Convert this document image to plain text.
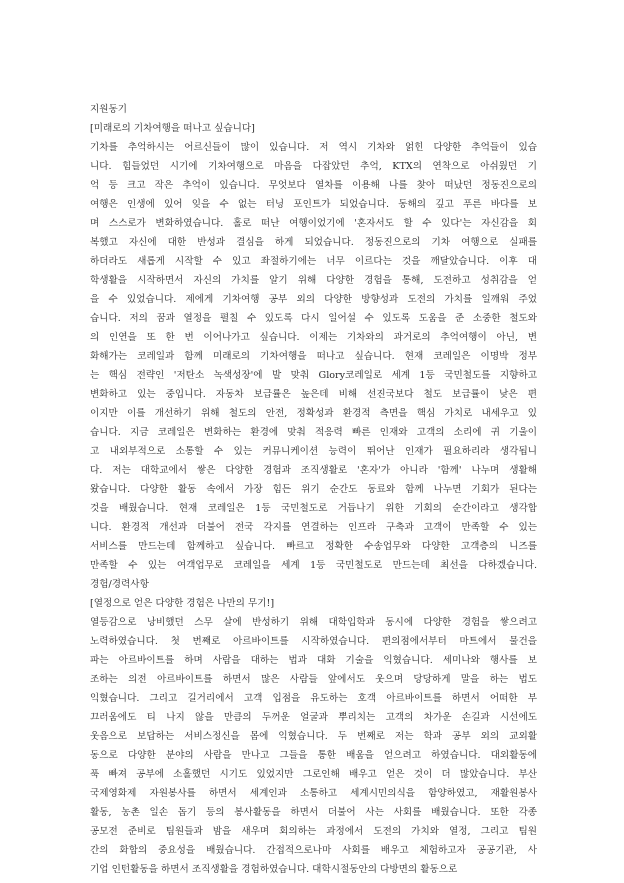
지원동기
[미래로의 기차여행을 떠나고 싶습니다]
기차를 추억하시는 어르신들이 많이 있습니다. 저 역시 기차와 얽힌 다양한 추억들이 있습
니다. 힘들었던 시기에 기차여행으로 마음을 다잡았던 추억, KTX의 연착으로 아쉬웠던 기
억 등 크고 작은 추억이 있습니다. 무엇보다 열차를 이용해 나를 찾아 떠났던 정동진으로의
여행은 인생에 있어 잊을 수 없는 터닝 포인트가 되었습니다. 동해의 깊고 푸른 바다를 보
며 스스로가 변화하였습니다. 홀로 떠난 여행이었기에 '혼자서도 할 수 있다'는 자신감을 회
복했고 자신에 대한 반성과 결심을 하게 되었습니다. 정동진으로의 기차 여행으로 실패를
하더라도 새롭게 시작할 수 있고 좌절하기에는 너무 이르다는 것을 깨달았습니다. 이후 대
학생활을 시작하면서 자신의 가치를 알기 위해 다양한 경험을 통해, 도전하고 성취감을 얻
을 수 있었습니다. 제에게 기차여행 공부 외의 다양한 방향성과 도전의 가치를 일깨워 주었
습니다. 저의 꿈과 열정을 펼칠 수 있도록 다시 일어설 수 있도록 도움을 준 소중한 철도와
의 인연을 또 한 번 이어나가고 싶습니다. 이제는 기차와의 과거로의 추억여행이 아닌, 변
화해가는 코레일과 함께 미래로의 기차여행을 떠나고 싶습니다. 현재 코레일은 이명박 정부
는 핵심 전략인 '저탄소 녹색성장'에 발 맞춰 Glory코레일로 세계 1등 국민철도를 지향하고
변화하고 있는 중입니다. 자동차 보급률은 높은데 비해 선진국보다 철도 보급률이 낮은 편
이지만 이를 개선하기 위해 철도의 안전, 정확성과 환경적 측면을 핵심 가치로 내세우고 있
습니다. 지금 코레일은 변화하는 환경에 맞춰 적응력 빠른 인재와 고객의 소리에 귀 기울이
고 내외부적으로 소통할 수 있는 커뮤니케이션 능력이 뛰어난 인재가 필요하리라 생각됩니
다. 저는 대학교에서 쌓은 다양한 경험과 조직생활로 '혼자'가 아니라 '함께' 나누며 생활해
왔습니다. 다양한 활동 속에서 가장 힘든 위기 순간도 동료와 함께 나누면 기회가 된다는
것을 배웠습니다. 현재 코레일은 1등 국민철도로 거듭나기 위한 기회의 순간이라고 생각합
니다. 환경적 개선과 더불어 전국 각지를 연결하는 인프라 구축과 고객이 만족할 수 있는
서비스를 만드는데 함께하고 싶습니다. 빠르고 정확한 수송업무와 다양한 고객층의 니즈를
만족할 수 있는 여객업무로 코레일을 세계 1등 국민철도로 만드는데 최선을 다하겠습니다.
경험/경력사항
[열정으로 얻은 다양한 경험은 나만의 무기!]
열등감으로 낭비했던 스무 살에 반성하기 위해 대학입학과 동시에 다양한 경험을 쌓으려고
노력하였습니다. 첫 번째로 아르바이트를 시작하였습니다. 편의점에서부터 마트에서 물건을
파는 아르바이트를 하며 사람을 대하는 법과 대화 기술을 익혔습니다. 세미나와 행사를 보
조하는 의전 아르바이트를 하면서 많은 사람들 앞에서도 웃으며 당당하게 말을 하는 법도
익혔습니다. 그리고 길거리에서 고객 입점을 유도하는 호객 아르바이트를 하면서 어떠한 부
끄러움에도 티 나지 않을 만큼의 두꺼운 얼굴과 뿌리치는 고객의 차가운 손길과 시선에도
웃음으로 보답하는 서비스정신을 몸에 익혔습니다. 두 번째로 저는 학과 공부 외의 교외활
동으로 다양한 분야의 사람을 만나고 그들을 통한 배움을 얻으려고 하였습니다. 대외활동에
푹 빠져 공부에 소홀했던 시기도 있었지만 그로인해 배우고 얻은 것이 더 많았습니다. 부산
국제영화제 자원봉사를 하면서 세계인과 소통하고 세계시민의식을 함양하였고, 재활원봉사
활동, 농촌 일손 돕기 등의 봉사활동을 하면서 더불어 사는 사회를 배웠습니다. 또한 각종
공모전 준비로 팀원들과 밤을 새우며 회의하는 과정에서 도전의 가치와 열정, 그리고 팀원
간의 화합의 중요성을 배웠습니다. 간접적으로나마 사회를 배우고 체험하고자 공공기관, 사
기업 인턴활동을 하면서 조직생활을 경험하였습니다. 대학시절동안의 다방면의 활동으로
